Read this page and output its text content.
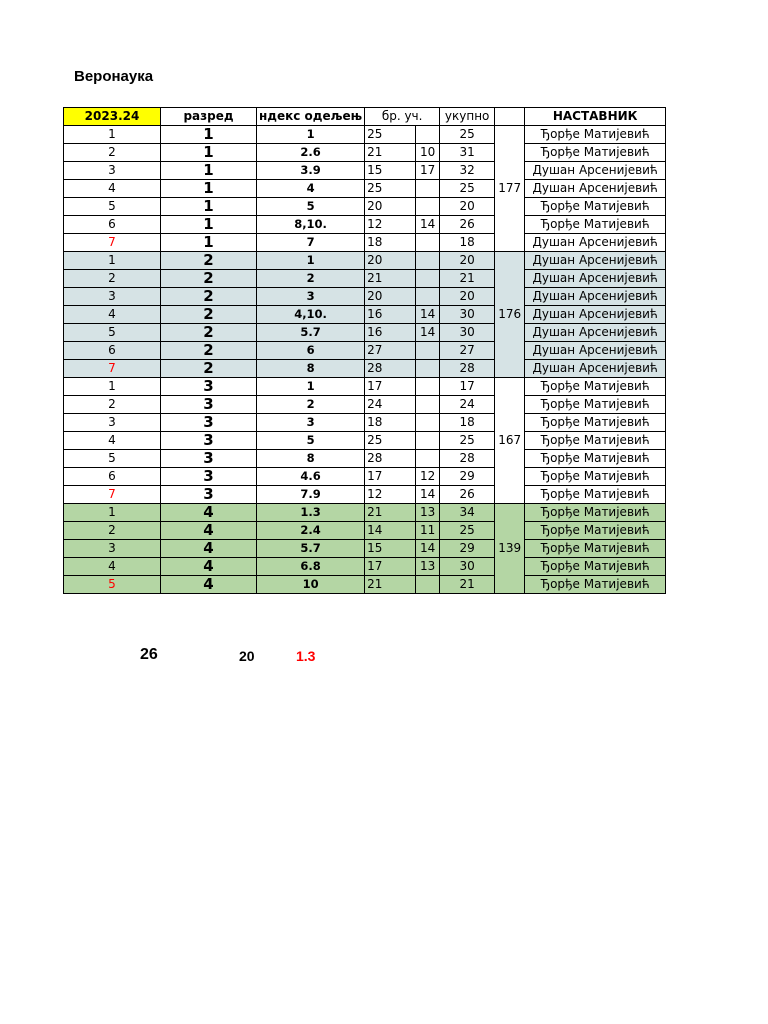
Веронаука
2023.24	разред	ндекс одељењ	бр. уч.		укупно		НАСТАВНИК
1	1	1	25		25	177	Ђорђе Матијевић
2	1	2.6	21	10	31		Ђорђе Матијевић
3	1	3.9	15	17	32		Душан Арсенијевић
4	1	4	25		25		Душан Арсенијевић
5	1	5	20		20		Ђорђе Матијевић
6	1	8,10.	12	14	26		Ђорђе Матијевић
7	1	7	18		18		Душан Арсенијевић
1	2	1	20		20	176	Душан Арсенијевић
2	2	2	21		21		Душан Арсенијевић
3	2	3	20		20		Душан Арсенијевић
4	2	4,10.	16	14	30		Душан Арсенијевић
5	2	5.7	16	14	30		Душан Арсенијевић
6	2	6	27		27		Душан Арсенијевић
7	2	8	28		28		Душан Арсенијевић
1	3	1	17		17	167	Ђорђе Матијевић
2	3	2	24		24		Ђорђе Матијевић
3	3	3	18		18		Ђорђе Матијевић
4	3	5	25		25		Ђорђе Матијевић
5	3	8	28		28		Ђорђе Матијевић
6	3	4.6	17	12	29		Ђорђе Матијевић
7	3	7.9	12	14	26		Ђорђе Матијевић
1	4	1.3	21	13	34	139	Ђорђе Матијевић
2	4	2.4	14	11	25		Ђорђе Матијевић
3	4	5.7	15	14	29		Ђорђе Матијевић
4	4	6.8	17	13	30		Ђорђе Матијевић
5	4	10	21		21		Ђорђе Матијевић
26	20	1.3
